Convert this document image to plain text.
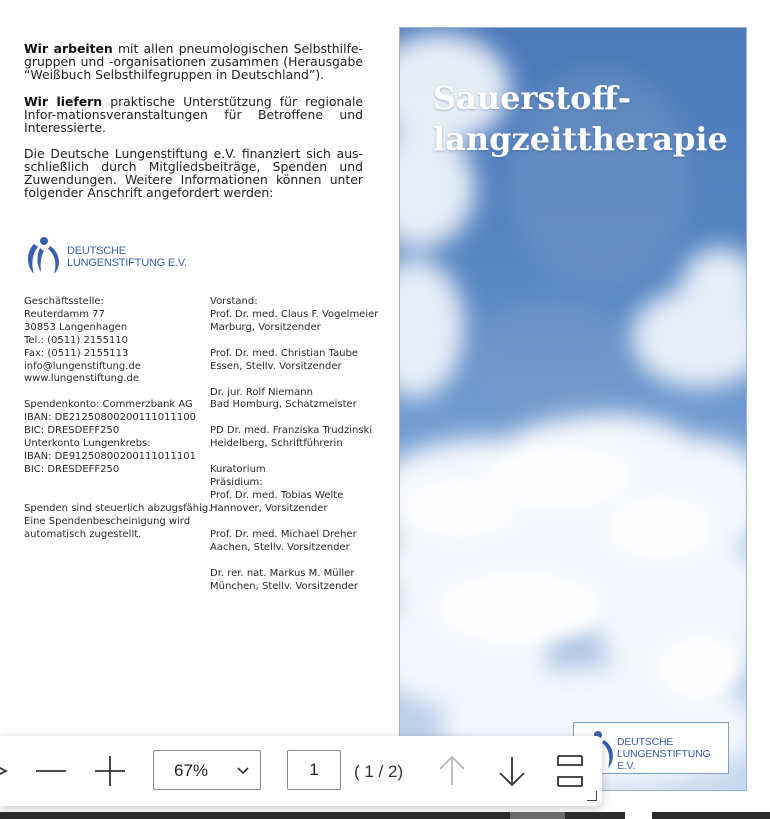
Wir arbeiten mit allen pneumologischen Selbsthilfe-gruppen und -organisationen zusammen (Herausgabe “Weißbuch Selbsthilfegruppen in Deutschland”).
Wir liefern praktische Unterstützung für regionale Infor-mationsveranstaltungen für Betroffene und Interessierte.
Die Deutsche Lungenstiftung e.V. finanziert sich aus-schließlich durch Mitgliedsbeiträge, Spenden und Zuwendungen. Weitere Informationen können unter folgender Anschrift angefordert werden:
DEUTSCHE
LUNGENSTIFTUNG E.V.
Geschäftsstelle:
Reuterdamm 77
30853 Langenhagen
Tel.: (0511) 2155110
Fax: (0511) 2155113
info@lungenstiftung.de
www.lungenstiftung.de
Spendenkonto: Commerzbank AG
IBAN: DE21250800200111011100
BIC: DRESDEFF250
Unterkonto Lungenkrebs:
IBAN: DE91250800200111011101
BIC: DRESDEFF250
Spenden sind steuerlich abzugsfähig.
Eine Spendenbescheinigung wird
automatisch zugestellt.
Vorstand:
Prof. Dr. med. Claus F. Vogelmeier
Marburg, Vorsitzender
Prof. Dr. med. Christian Taube
Essen, Stellv. Vorsitzender
Dr. jur. Rolf Niemann
Bad Homburg, Schatzmeister
PD Dr. med. Franziska Trudzinski
Heidelberg, Schriftführerin
Kuratorium
Präsidium:
Prof. Dr. med. Tobias Welte
Hannover, Vorsitzender
Prof. Dr. med. Michael Dreher
Aachen, Stellv. Vorsitzender
Dr. rer. nat. Markus M. Müller
München, Stellv. Vorsitzender
Sauerstoff-
langzeittherapie
DEUTSCHE
LUNGENSTIFTUNG E.V.
67%	1	( 1 / 2)
